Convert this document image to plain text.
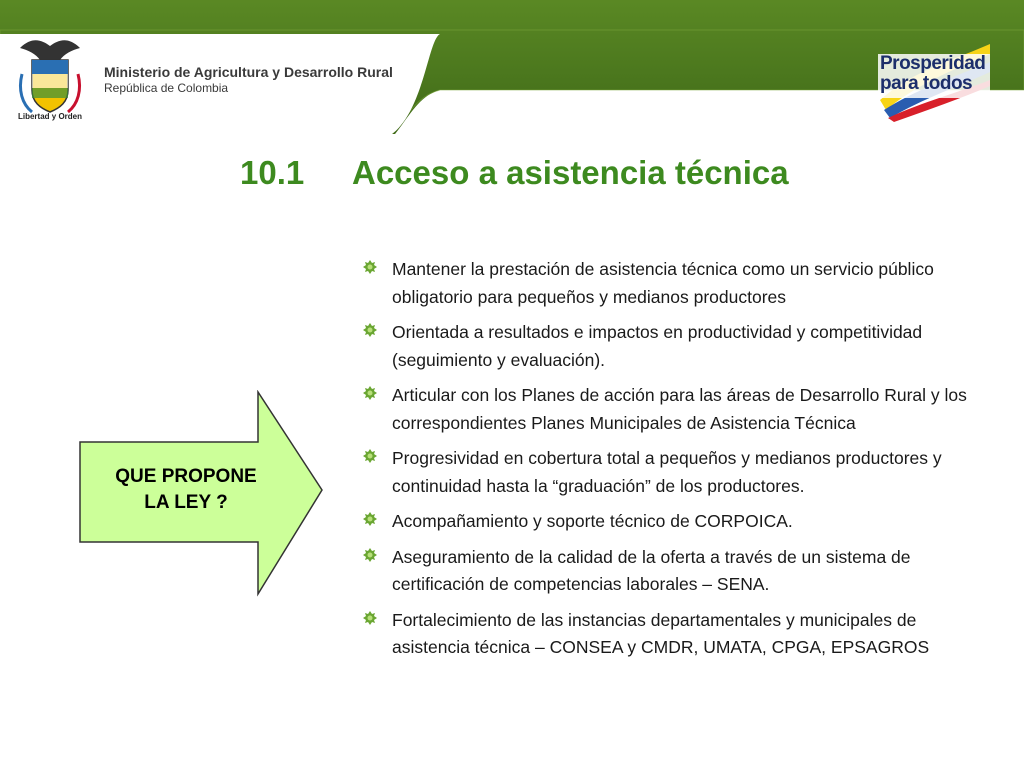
Libertad y Orden
Ministerio de Agricultura y Desarrollo Rural
República de Colombia
Prosperidad
para todos
10.1 Acceso a asistencia técnica
QUE PROPONE
LA LEY ?
Mantener la prestación de asistencia técnica como un servicio público obligatorio para pequeños y medianos productores
Orientada a resultados e impactos en productividad y competitividad (seguimiento y evaluación).
Articular con los Planes de acción para las áreas de Desarrollo Rural y los correspondientes Planes Municipales de Asistencia Técnica
Progresividad en cobertura total a pequeños y medianos productores y continuidad hasta la “graduación” de los productores.
Acompañamiento y soporte técnico de CORPOICA.
Aseguramiento de la calidad de la oferta a través de un sistema de certificación de competencias laborales – SENA.
Fortalecimiento de las instancias departamentales y municipales de asistencia técnica – CONSEA y CMDR, UMATA, CPGA, EPSAGROS
